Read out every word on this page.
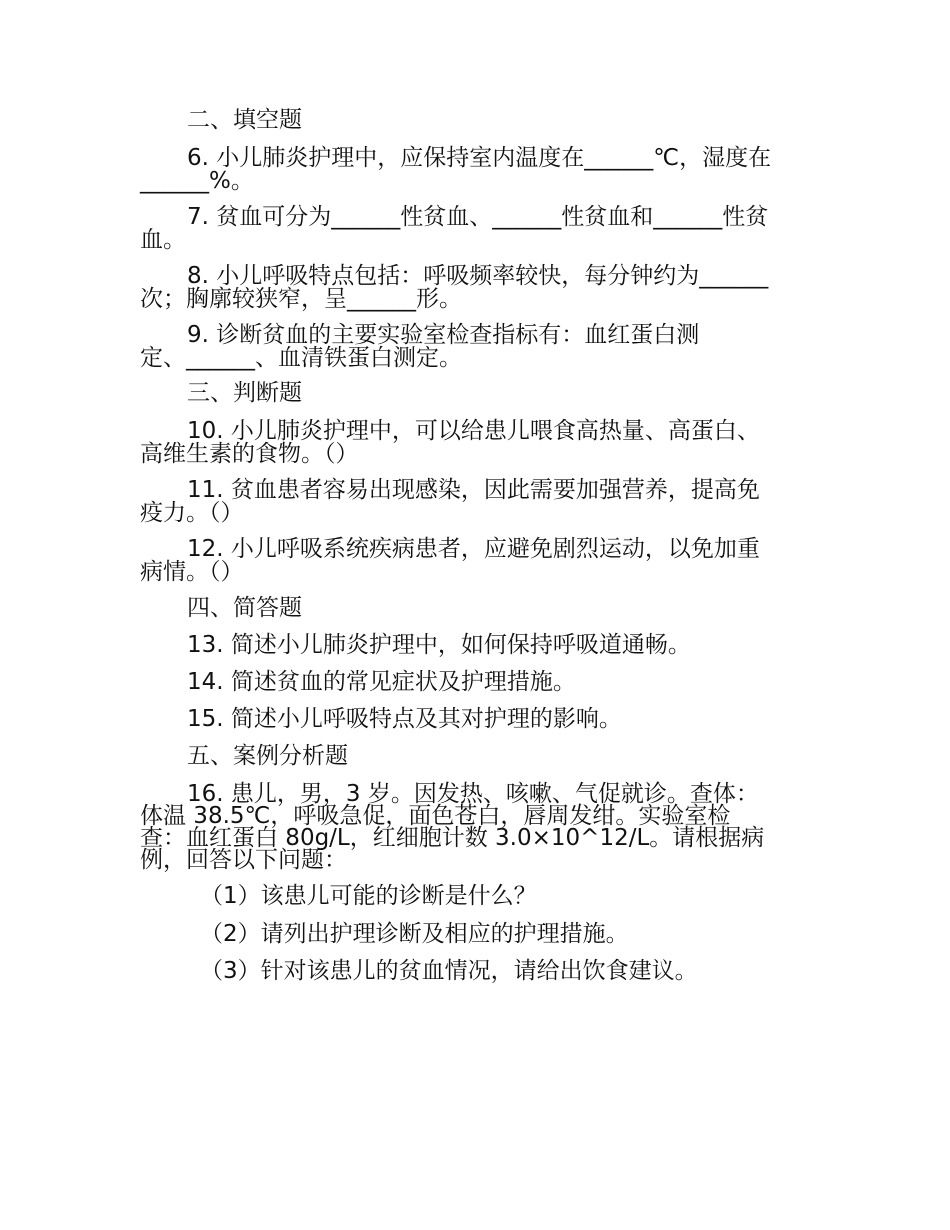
二、填空题
6. 小儿肺炎护理中，应保持室内温度在______℃，湿度在
______%。
7. 贫血可分为______性贫血、______性贫血和______性贫
血。
8. 小儿呼吸特点包括：呼吸频率较快，每分钟约为______
次；胸廓较狭窄，呈______形。
9. 诊断贫血的主要实验室检查指标有：血红蛋白测
定、______、血清铁蛋白测定。
三、判断题
10. 小儿肺炎护理中，可以给患儿喂食高热量、高蛋白、
高维生素的食物。（）
11. 贫血患者容易出现感染，因此需要加强营养，提高免
疫力。（）
12. 小儿呼吸系统疾病患者，应避免剧烈运动，以免加重
病情。（）
四、简答题
13. 简述小儿肺炎护理中，如何保持呼吸道通畅。
14. 简述贫血的常见症状及护理措施。
15. 简述小儿呼吸特点及其对护理的影响。
五、案例分析题
16. 患儿，男，3 岁。因发热、咳嗽、气促就诊。查体：
体温 38.5℃，呼吸急促，面色苍白，唇周发绀。实验室检
查：血红蛋白 80g/L，红细胞计数 3.0×10^12/L。请根据病
例，回答以下问题：
（1）该患儿可能的诊断是什么？
（2）请列出护理诊断及相应的护理措施。
（3）针对该患儿的贫血情况，请给出饮食建议。
